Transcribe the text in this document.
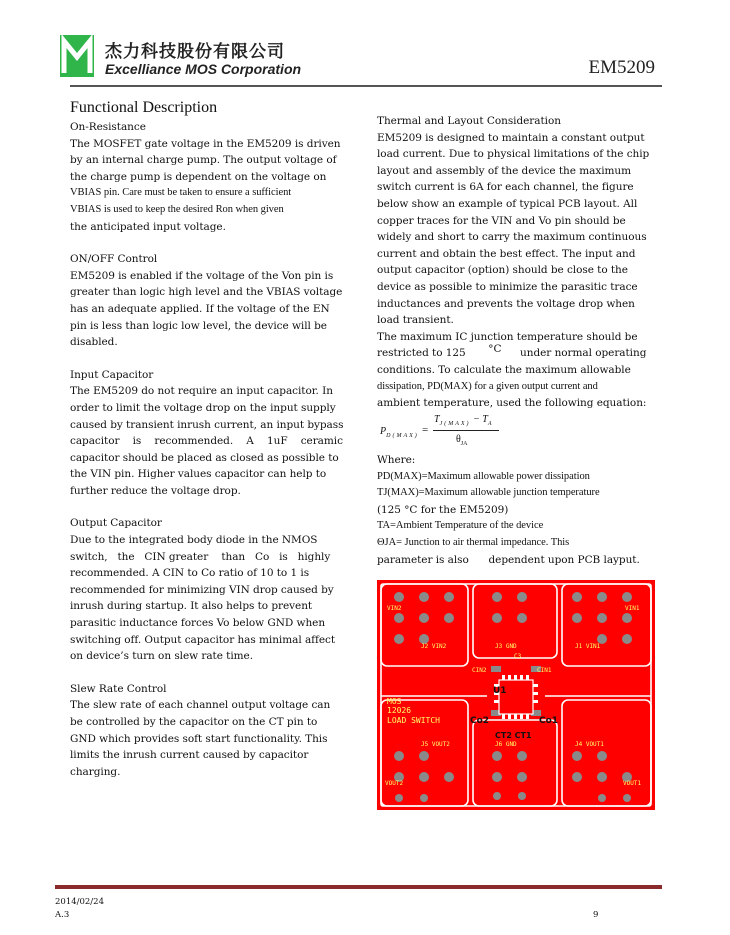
杰力科技股份有限公司
Excelliance MOS Corporation	EM5209
Functional Description
On-Resistance
The MOSFET gate voltage in the EM5209 is driven
by an internal charge pump. The output voltage of
the charge pump is dependent on the voltage on
VBIAS pin. Care must be taken to ensure a sufficient
VBIAS is used to keep the desired Ron when given
the anticipated input voltage.
ON/OFF Control
EM5209 is enabled if the voltage of the Von pin is
greater than logic high level and the VBIAS voltage
has an adequate applied. If the voltage of the EN
pin is less than logic low level, the device will be
disabled.
Input Capacitor
The EM5209 do not require an input capacitor. In
order to limit the voltage drop on the input supply
caused by transient inrush current, an input bypass
capacitor    is    recommended.    A    1uF    ceramic
capacitor should be placed as closed as possible to
the VIN pin. Higher values capacitor can help to
further reduce the voltage drop.
Output Capacitor
Due to the integrated body diode in the NMOS
switch,   the   CIN greater    than   Co   is   highly
recommended. A CIN to Co ratio of 10 to 1 is
recommended for minimizing VIN drop caused by
inrush during startup. It also helps to prevent
parasitic inductance forces Vo below GND when
switching off. Output capacitor has minimal affect
on device’s turn on slew rate time.
Slew Rate Control
The slew rate of each channel output voltage can
be controlled by the capacitor on the CT pin to
GND which provides soft start functionality. This
limits the inrush current caused by capacitor
charging.
Thermal and Layout Consideration
EM5209 is designed to maintain a constant output
load current. Due to physical limitations of the chip
layout and assembly of the device the maximum
switch current is 6A for each channel, the figure
below show an example of typical PCB layout. All
copper traces for the VIN and Vo pin should be
widely and short to carry the maximum continuous
current and obtain the best effect. The input and
output capacitor (option) should be close to the
device as possible to minimize the parasitic trace
inductances and prevents the voltage drop when
load transient.
The maximum IC junction temperature should be
restricted to 125 °C under normal operating
conditions. To calculate the maximum allowable
dissipation, PD(MAX) for a given output current and
ambient temperature, used the following equation:
$P_{D(MAX)}$ =
$T_{J(MAX)} - T_A$
$\theta_{JA}$
Where:
PD(MAX)=Maximum allowable power dissipation
TJ(MAX)=Maximum allowable junction temperature
(125 °C for the EM5209)
TA=Ambient Temperature of the device
ΘJA= Junction to air thermal impedance. This
parameter is also      dependent upon PCB layput.
VIN2	VIN1
J2 VIN2	J3 GND	J1 VIN1
CIN2
C3
CIN1
MOS
12026
LOAD SWITCH
J5 VOUT2	J6 GND	J4 VOUT1
VOUT2	VOUT1
U1
Co2	Co1
CT2 CT1
2014/02/24
A.3	9
